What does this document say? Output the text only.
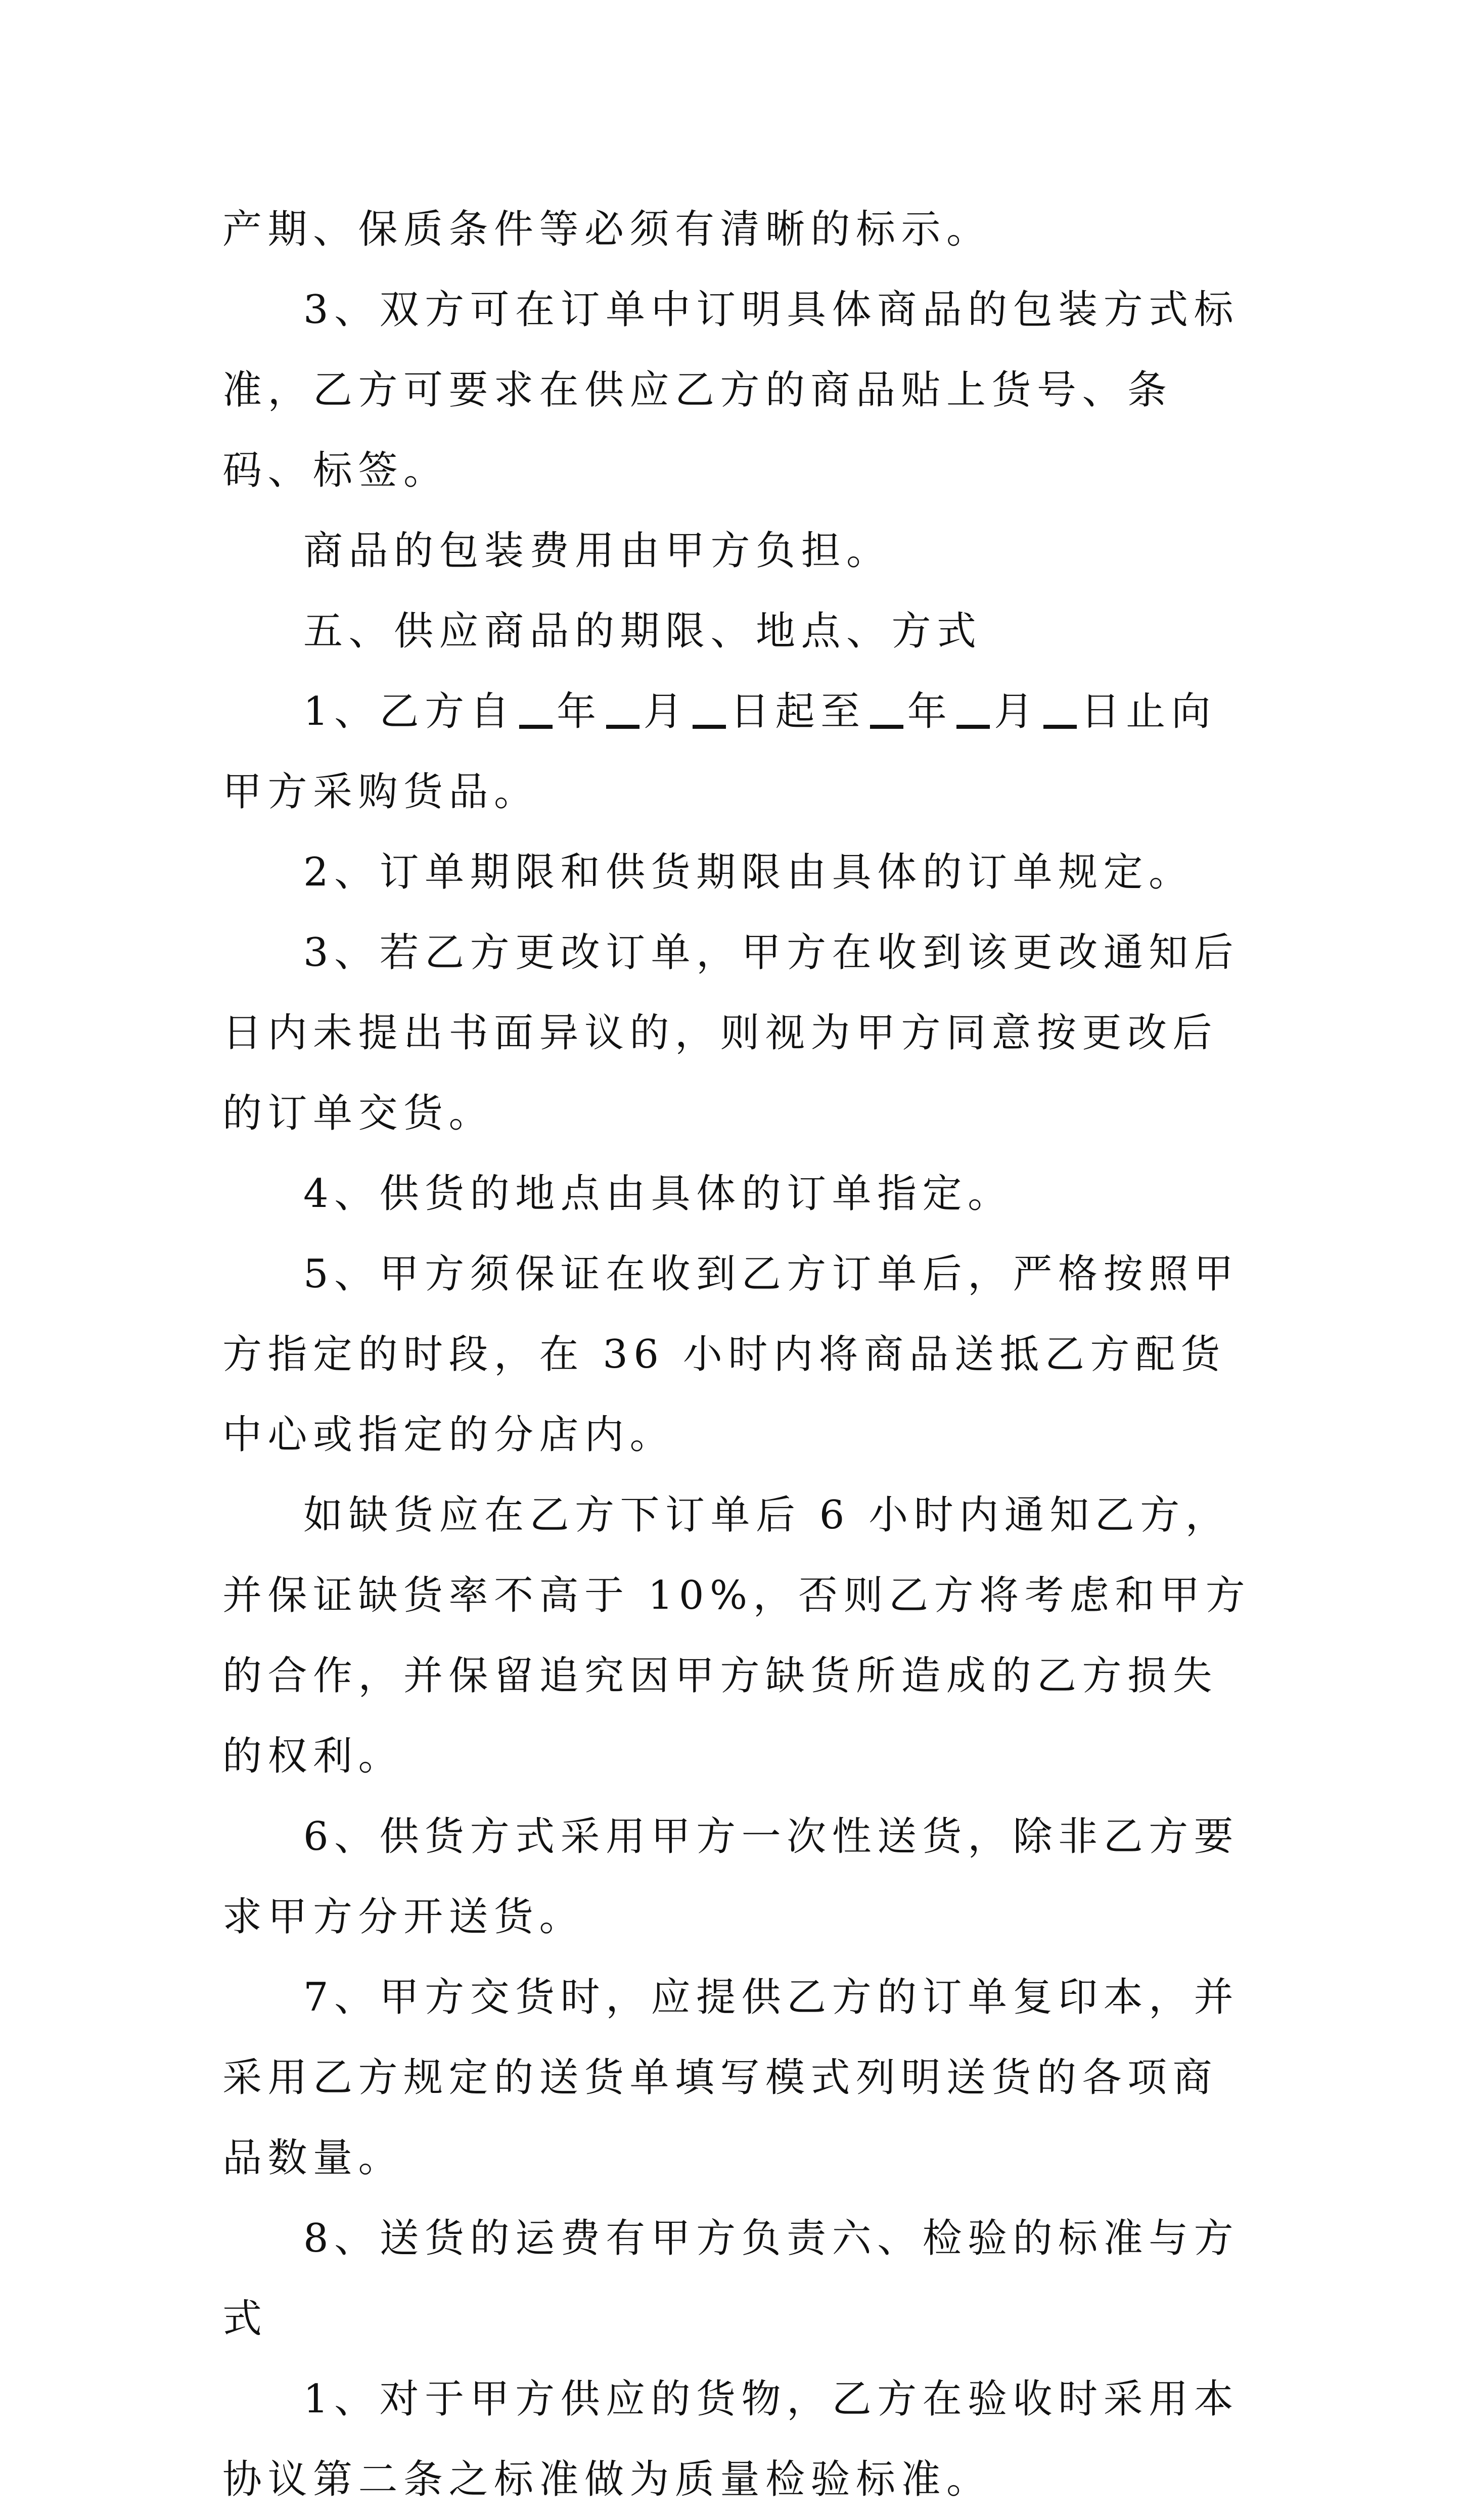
产期、保质条件等必须有清晰的标示。

3、双方可在订单中订明具体商品的包装方式标准，乙方可要求在供应乙方的商品贴上货号、条码、标签。

商品的包装费用由甲方负担。

五、供应商品的期限、地点、方式

1、乙方自 年 月 日起至 年 月 日止向甲方采购货品。

2、订单期限和供货期限由具体的订单规定。

3、若乙方更改订单，甲方在收到该更改通知后日内未提出书面异议的，则视为甲方同意按更改后的订单交货。

4、供货的地点由具体的订单指定。

5、甲方须保证在收到乙方订单后，严格按照甲方指定的时段，在 36 小时内将商品送抵乙方配货中心或指定的分店内。

如缺货应在乙方下订单后 6 小时内通知乙方，并保证缺货率不高于 10%，否则乙方将考虑和甲方的合作，并保留追究因甲方缺货所造成的乙方损失的权利。

6、供货方式采用甲方一次性送货，除非乙方要求甲方分开送货。

7、甲方交货时，应提供乙方的订单复印本，并采用乙方规定的送货单填写模式列明送货的各项商品数量。

8、送货的运费有甲方负责六、检验的标准与方式

1、对于甲方供应的货物，乙方在验收时采用本协议第二条之标准做为质量检验标准。
